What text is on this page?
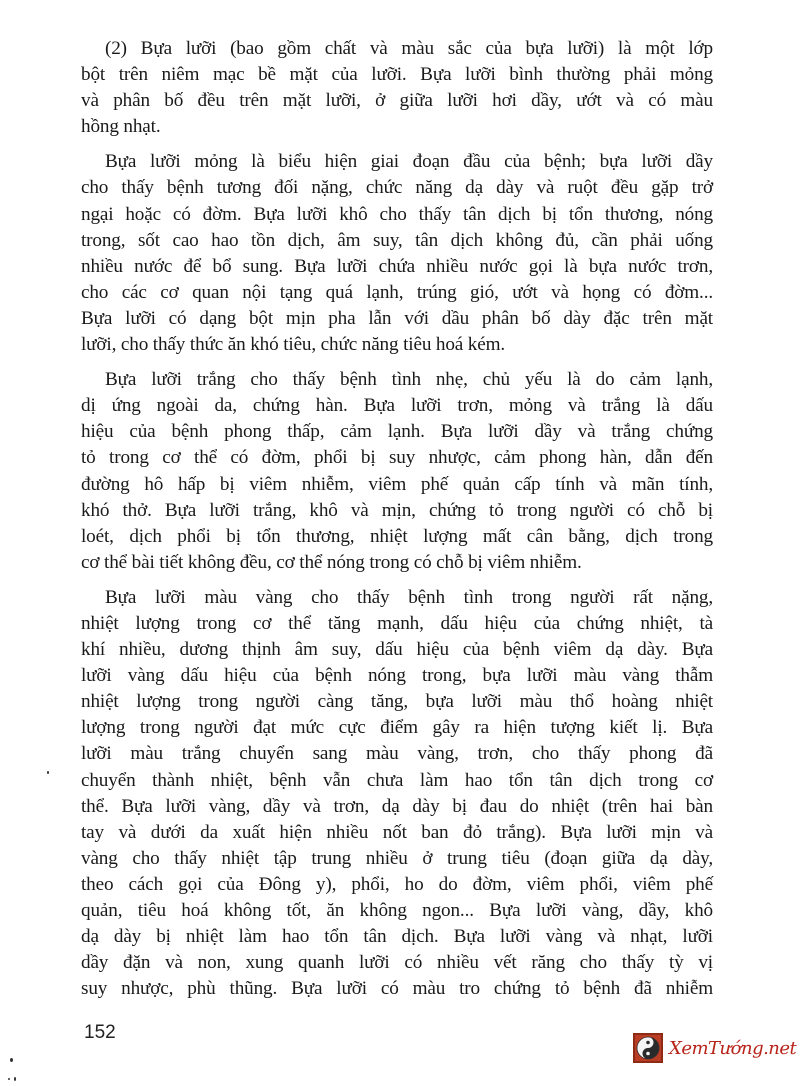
(2) Bựa lưỡi (bao gồm chất và màu sắc của bựa lưỡi) là một lớp
bột trên niêm mạc bề mặt của lưỡi. Bựa lưỡi bình thường phải mỏng
và phân bố đều trên mặt lưỡi, ở giữa lưỡi hơi dầy, ướt và có màu
hồng nhạt.
Bựa lưỡi mỏng là biểu hiện giai đoạn đầu của bệnh; bựa lưỡi dầy
cho thấy bệnh tương đối nặng, chức năng dạ dày và ruột đều gặp trở
ngại hoặc có đờm. Bựa lưỡi khô cho thấy tân dịch bị tổn thương, nóng
trong, sốt cao hao tồn dịch, âm suy, tân dịch không đủ, cần phải uống
nhiều nước để bổ sung. Bựa lưỡi chứa nhiều nước gọi là bựa nước trơn,
cho các cơ quan nội tạng quá lạnh, trúng gió, ướt và họng có đờm...
Bựa lưỡi có dạng bột mịn pha lẫn với dầu phân bố dày đặc trên mặt
lưỡi, cho thấy thức ăn khó tiêu, chức năng tiêu hoá kém.
Bựa lưỡi trắng cho thấy bệnh tình nhẹ, chủ yếu là do cảm lạnh,
dị ứng ngoài da, chứng hàn. Bựa lưỡi trơn, mỏng và trắng là dấu
hiệu của bệnh phong thấp, cảm lạnh. Bựa lưỡi dầy và trắng chứng
tỏ trong cơ thể có đờm, phổi bị suy nhược, cảm phong hàn, dẫn đến
đường hô hấp bị viêm nhiễm, viêm phế quản cấp tính và mãn tính,
khó thở. Bựa lưỡi trắng, khô và mịn, chứng tỏ trong người có chỗ bị
loét, dịch phổi bị tổn thương, nhiệt lượng mất cân bằng, dịch trong
cơ thể bài tiết không đều, cơ thể nóng trong có chỗ bị viêm nhiễm.
Bựa lưỡi màu vàng cho thấy bệnh tình trong người rất nặng,
nhiệt lượng trong cơ thể tăng mạnh, dấu hiệu của chứng nhiệt, tà
khí nhiều, dương thịnh âm suy, dấu hiệu của bệnh viêm dạ dày. Bựa
lưỡi vàng dấu hiệu của bệnh nóng trong, bựa lưỡi màu vàng thẫm
nhiệt lượng trong người càng tăng, bựa lưỡi màu thổ hoàng nhiệt
lượng trong người đạt mức cực điểm gây ra hiện tượng kiết lị. Bựa
lưỡi màu trắng chuyển sang màu vàng, trơn, cho thấy phong đã
chuyển thành nhiệt, bệnh vẫn chưa làm hao tổn tân dịch trong cơ
thể. Bựa lưỡi vàng, dầy và trơn, dạ dày bị đau do nhiệt (trên hai bàn
tay và dưới da xuất hiện nhiều nốt ban đỏ trắng). Bựa lưỡi mịn và
vàng cho thấy nhiệt tập trung nhiều ở trung tiêu (đoạn giữa dạ dày,
theo cách gọi của Đông y), phổi, ho do đờm, viêm phổi, viêm phế
quản, tiêu hoá không tốt, ăn không ngon... Bựa lưỡi vàng, dầy, khô
dạ dày bị nhiệt làm hao tổn tân dịch. Bựa lưỡi vàng và nhạt, lưỡi
dầy đặn và non, xung quanh lưỡi có nhiều vết răng cho thấy tỳ vị
suy nhược, phù thũng. Bựa lưỡi có màu tro chứng tỏ bệnh đã nhiễm
152
XemTướng.net
